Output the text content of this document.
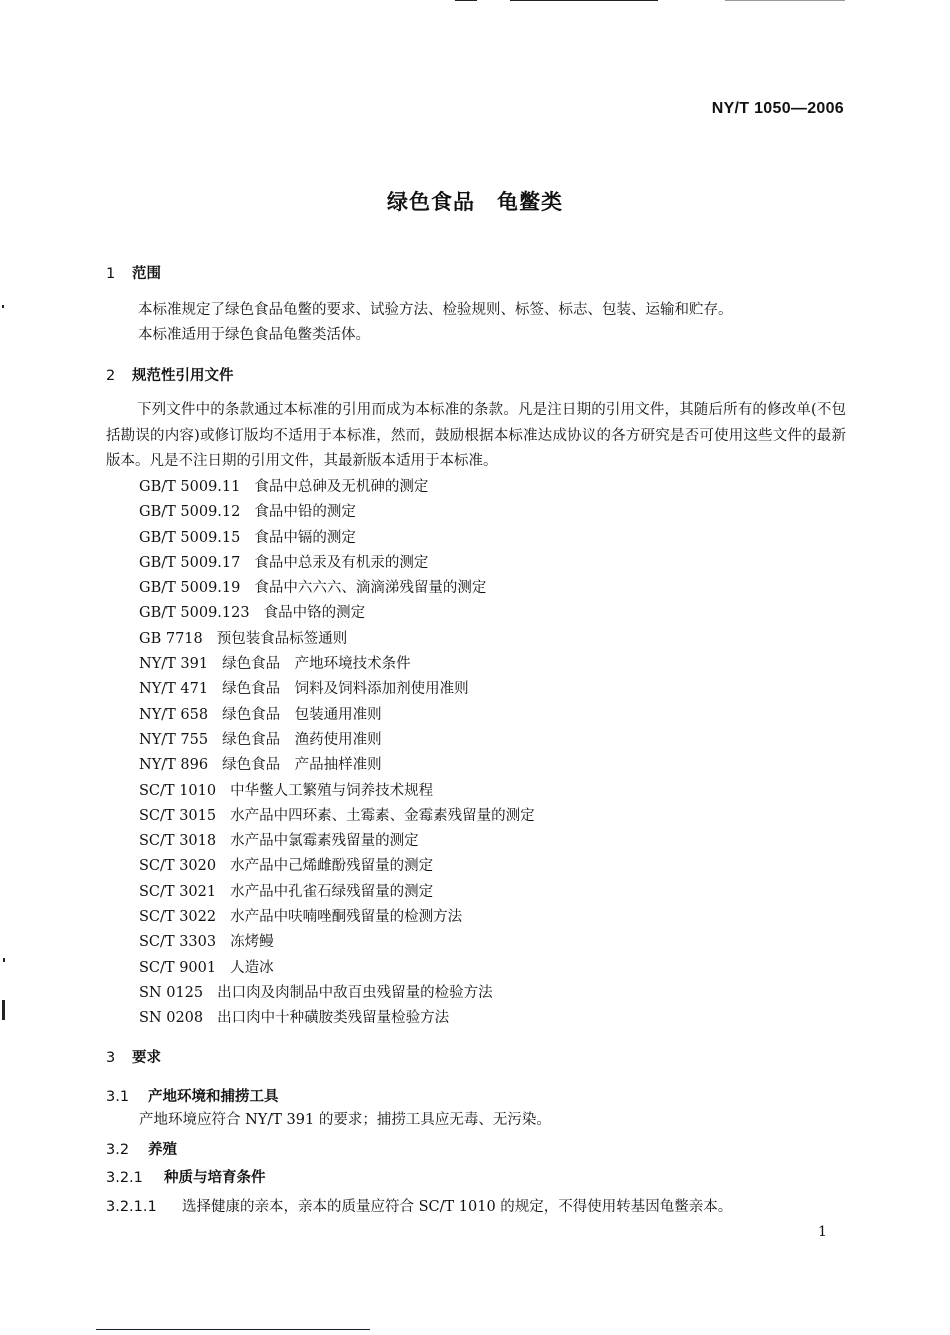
NY/T 1050—2006
绿色食品　龟鳖类
1 范围
本标准规定了绿色食品龟鳖的要求、试验方法、检验规则、标签、标志、包装、运输和贮存。
本标准适用于绿色食品龟鳖类活体。
2 规范性引用文件
下列文件中的条款通过本标准的引用而成为本标准的条款。凡是注日期的引用文件，其随后所有的修改单(不包括勘误的内容)或修订版均不适用于本标准，然而，鼓励根据本标准达成协议的各方研究是否可使用这些文件的最新版本。凡是不注日期的引用文件，其最新版本适用于本标准。
GB/T 5009.11 食品中总砷及无机砷的测定
GB/T 5009.12 食品中铅的测定
GB/T 5009.15 食品中镉的测定
GB/T 5009.17 食品中总汞及有机汞的测定
GB/T 5009.19 食品中六六六、滴滴涕残留量的测定
GB/T 5009.123 食品中铬的测定
GB 7718 预包装食品标签通则
NY/T 391 绿色食品　产地环境技术条件
NY/T 471 绿色食品　饲料及饲料添加剂使用准则
NY/T 658 绿色食品　包装通用准则
NY/T 755 绿色食品　渔药使用准则
NY/T 896 绿色食品　产品抽样准则
SC/T 1010 中华鳖人工繁殖与饲养技术规程
SC/T 3015 水产品中四环素、土霉素、金霉素残留量的测定
SC/T 3018 水产品中氯霉素残留量的测定
SC/T 3020 水产品中己烯雌酚残留量的测定
SC/T 3021 水产品中孔雀石绿残留量的测定
SC/T 3022 水产品中呋喃唑酮残留量的检测方法
SC/T 3303 冻烤鳗
SC/T 9001 人造冰
SN 0125 出口肉及肉制品中敌百虫残留量的检验方法
SN 0208 出口肉中十种磺胺类残留量检验方法
3 要求
3.1 产地环境和捕捞工具
产地环境应符合 NY/T 391 的要求；捕捞工具应无毒、无污染。
3.2 养殖
3.2.1 种质与培育条件
3.2.1.1 选择健康的亲本，亲本的质量应符合 SC/T 1010 的规定，不得使用转基因龟鳖亲本。
1
